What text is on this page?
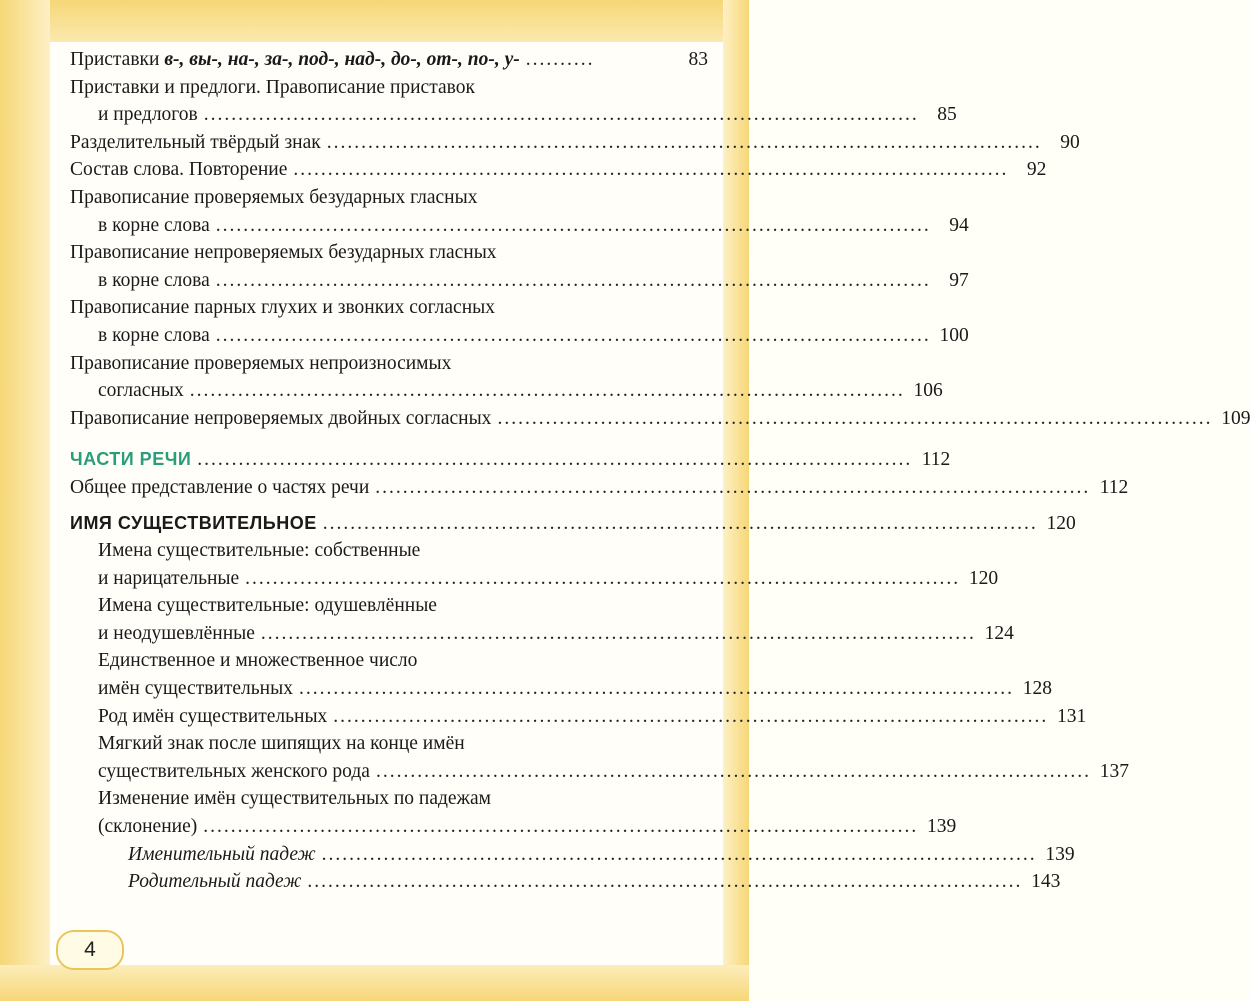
Приставки в-, вы-, на-, за-, под-, над-, до-, от-, по-, у- ..........	83
Приставки и предлоги. Правописание приставок
и предлогов ........................................................................................................ 85
Разделительный твёрдый знак ........................................................................................................ 90
Состав слова. Повторение ........................................................................................................ 92
Правописание проверяемых безударных гласных
в корне слова ........................................................................................................ 94
Правописание непроверяемых безударных гласных
в корне слова ........................................................................................................ 97
Правописание парных глухих и звонких согласных
в корне слова ........................................................................................................ 100
Правописание проверяемых непроизносимых
согласных ........................................................................................................ 106
Правописание непроверяемых двойных согласных ........................................................................................................ 109
ЧАСТИ РЕЧИ ........................................................................................................ 112
Общее представление о частях речи ........................................................................................................ 112
ИМЯ СУЩЕСТВИТЕЛЬНОЕ ........................................................................................................ 120
Имена существительные: собственные
и нарицательные ........................................................................................................ 120
Имена существительные: одушевлённые
и неодушевлённые ........................................................................................................ 124
Единственное и множественное число
имён существительных ........................................................................................................ 128
Род имён существительных ........................................................................................................ 131
Мягкий знак после шипящих на конце имён
существительных женского рода ........................................................................................................ 137
Изменение имён существительных по падежам
(склонение) ........................................................................................................ 139
Именительный падеж ........................................................................................................ 139
Родительный падеж ........................................................................................................ 143
4
